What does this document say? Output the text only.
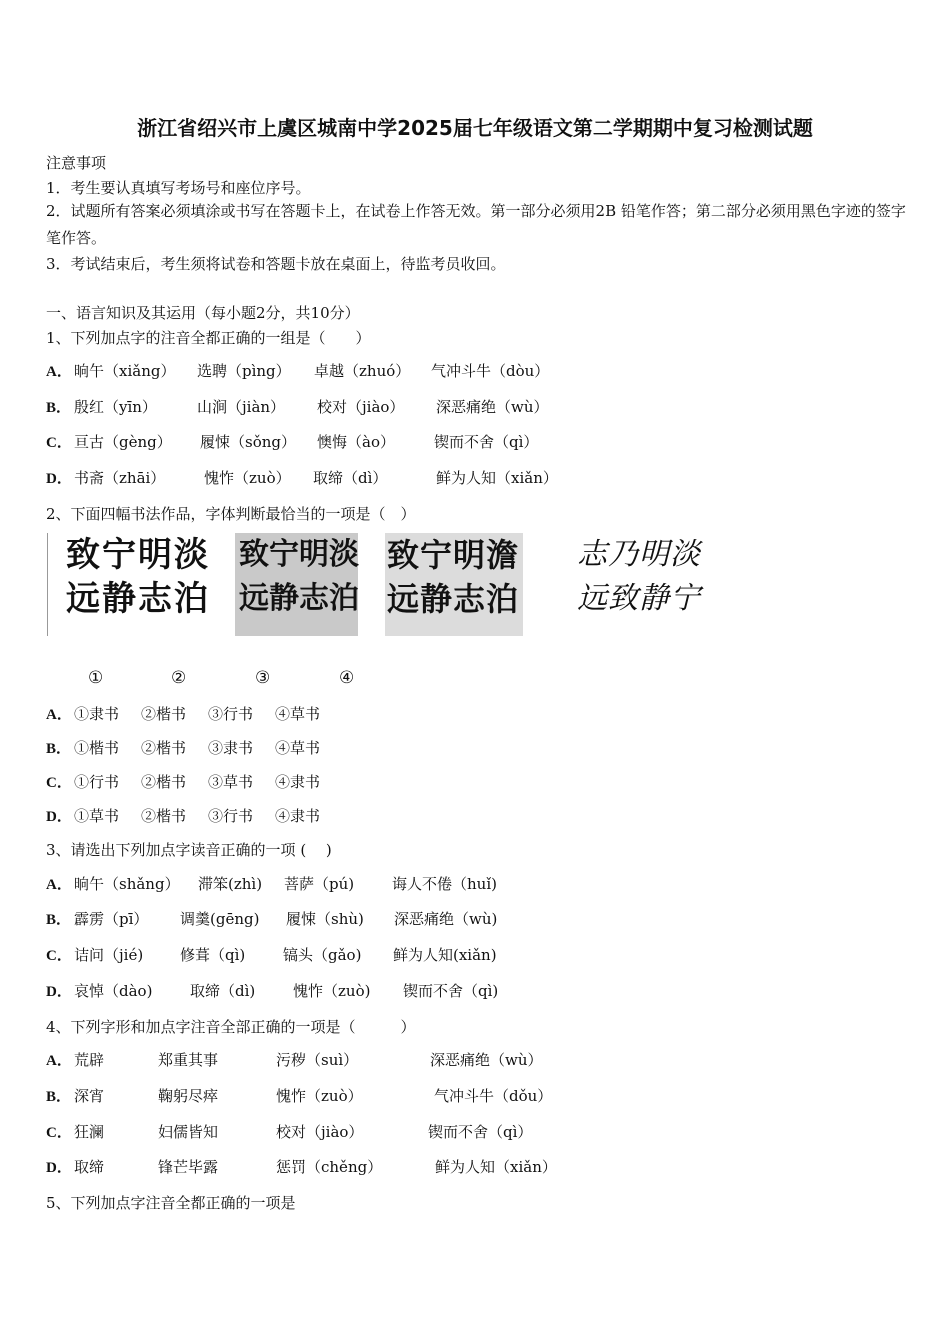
浙江省绍兴市上虞区城南中学2025届七年级语文第二学期期中复习检测试题
注意事项
1．考生要认真填写考场号和座位序号。
2．试题所有答案必须填涂或书写在答题卡上，在试卷上作答无效。第一部分必须用2B 铅笔作答；第二部分必须用黑色字迹的签字笔作答。
3．考试结束后，考生须将试卷和答题卡放在桌面上，待监考员收回。
一、语言知识及其运用（每小题2分，共10分）
1、下列加点字的注音全都正确的一组是（　　）
A． 晌午（xiǎng） 选聘（pìng） 卓越（zhuó） 气冲斗牛（dòu）
B． 殷红（yīn）	山涧（jiàn） 校对（jiào） 深恶痛绝（wù）
C． 亘古（gèng） 履悚（sǒng） 懊悔（ào）	锲而不舍（qì）
D． 书斋（zhāi）	愧怍（zuò） 取缔（dì）	鲜为人知（xiǎn）
2、下面四幅书法作品，字体判断最恰当的一项是（　）
致宁明淡
远静志泊
致宁明淡
远静志泊
致宁明澹
远静志泊
志乃明淡
远致静宁
①	②	③	④
A． ①隶书 ②楷书 ③行书 ④草书
B． ①楷书 ②楷书 ③隶书 ④草书
C． ①行书 ②楷书 ③草书 ④隶书
D． ①草书 ②楷书 ③行书 ④隶书
3、请选出下列加点字读音正确的一项 (　 )
A． 晌午（shǎng） 滞笨(zhì) 菩萨（pú)	诲人不倦（huǐ)
B． 霹雳（pī） 调羹(gēng) 履悚（shù) 深恶痛绝（wù)
C． 诘问（jié) 修葺（qì)	镐头（gǎo) 鲜为人知(xiǎn)
D． 哀悼（dào)	取缔（dì)	愧怍（zuò) 锲而不舍（qì)
4、下列字形和加点字注音全部正确的一项是（　　　）
A． 荒辟	郑重其事	污秽（suì）	深恶痛绝（wù）
B． 深宵	鞠躬尽瘁	愧怍（zuò）	气冲斗牛（dǒu）
C． 狂澜	妇儒皆知	校对（jiào）	锲而不舍（qì）
D． 取缔	锋芒毕露	惩罚（chěng）	鲜为人知（xiǎn）
5、下列加点字注音全都正确的一项是
